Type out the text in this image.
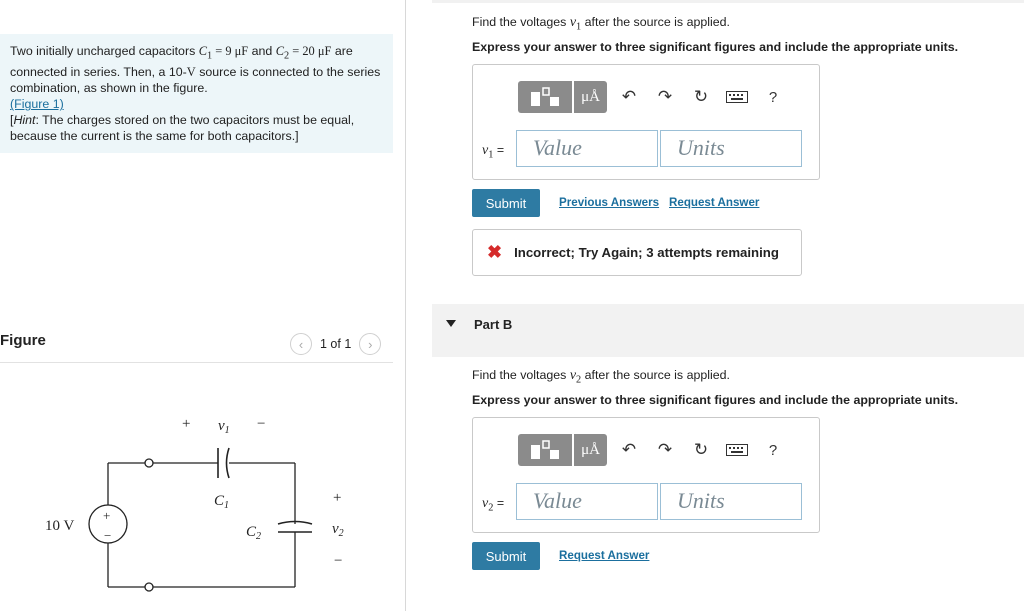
Two initially uncharged capacitors $C_1 = 9$ μF and $C_2 = 20$ μF are connected in series. Then, a 10-V source is connected to the series combination, as shown in the figure.

(Figure 1)

[Hint: The charges stored on the two capacitors must be equal, because the current is the same for both capacitors.]

Figure	‹ 1 of 1 ›
+ $v_1$ −
$C_1$
$C_2$
+
$v_2$
−
10 V
+
−
Find the voltages $v_1$ after the source is applied.
Express your answer to three significant figures and include the appropriate units.
μÅ	↶	↷	↻	?
$v_1$ =	Value	Units
Submit	Previous Answers Request Answer
✖ Incorrect; Try Again; 3 attempts remaining
Part B
Find the voltages $v_2$ after the source is applied.
Express your answer to three significant figures and include the appropriate units.
μÅ	↶	↷	↻	?
$v_2$ =	Value	Units
Submit	Request Answer
